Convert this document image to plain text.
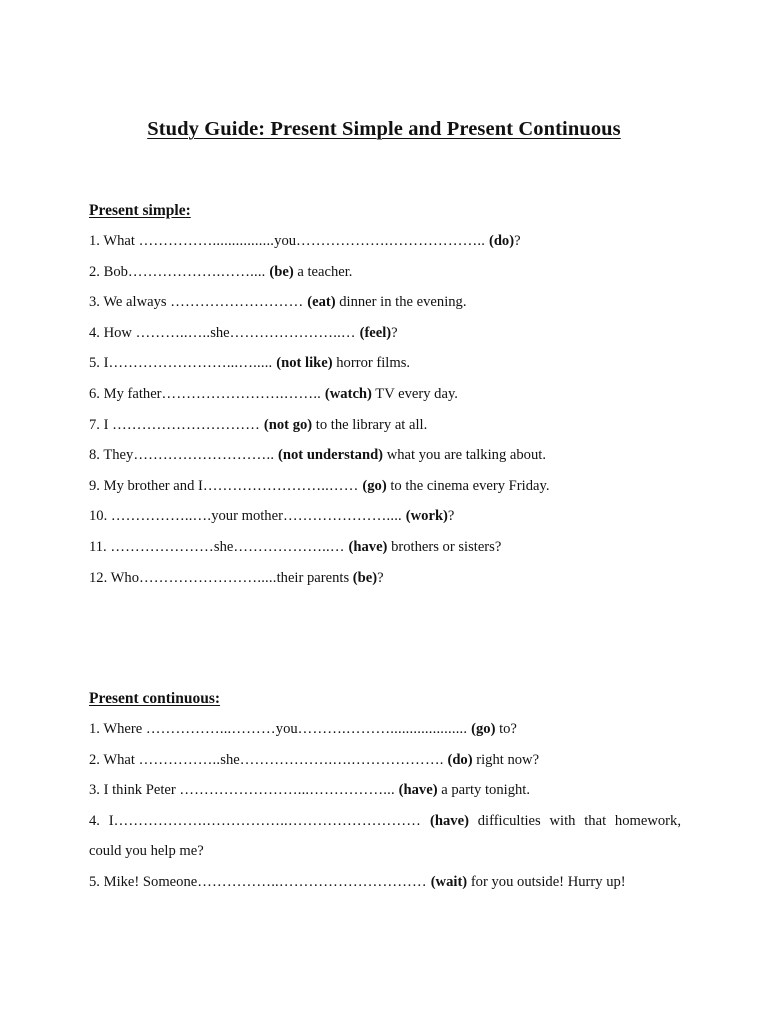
Study Guide: Present Simple and Present Continuous
Present simple:
1. What ……………................you……………….……………….. (do)?
2. Bob……………….…….... (be) a teacher.
3. We always ……………………… (eat) dinner in the evening.
4. How ………..…..she…………………..… (feel)?
5. I……………………...…..... (not like) horror films.
6. My father…………………….…….. (watch) TV every day.
7. I ………………………… (not go) to the library at all.
8. They……………………….. (not understand) what you are talking about.
9. My brother and I……………………..…… (go) to the cinema every Friday.
10. ……………..….your mother………………….... (work)?
11. …………………she………………..… (have) brothers or sisters?
12. Who…………………….....their parents (be)?
Present continuous:
1. Where ……………...………you……….……….................... (go) to?
2. What ……………..she……………….….………………. (do) right now?
3. I think Peter ……………………...……………... (have) a party tonight.
4. I……………….……………..……………………… (have) difficulties with that homework, could you help me?
5. Mike! Someone……………..………………………… (wait) for you outside! Hurry up!
